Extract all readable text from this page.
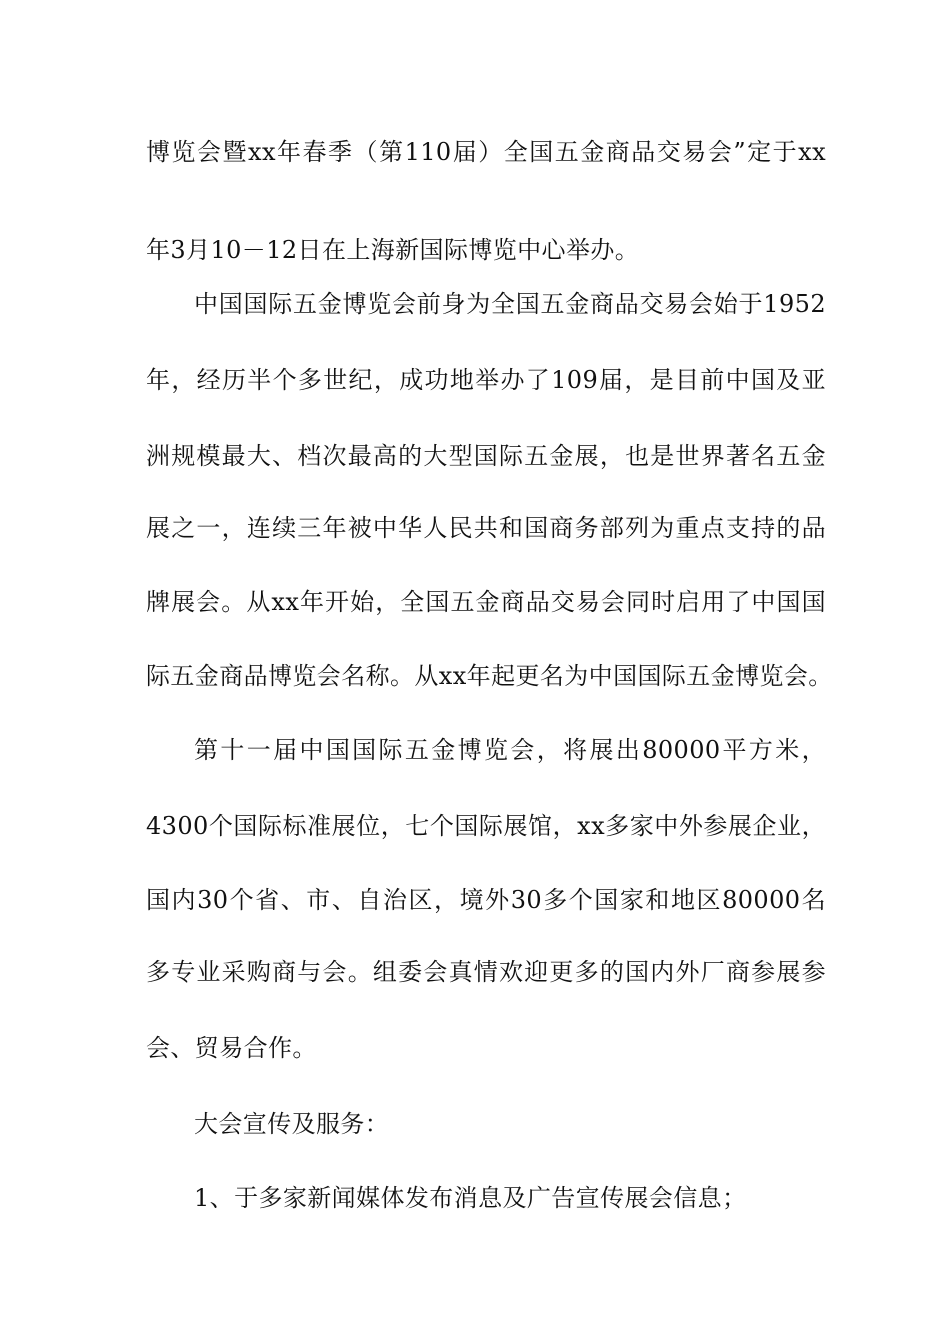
博览会暨xx年春季（第110届）全国五金商品交易会”定于xx
年3月10－12日在上海新国际博览中心举办。
中国国际五金博览会前身为全国五金商品交易会始于1952
年，经历半个多世纪，成功地举办了109届，是目前中国及亚
洲规模最大、档次最高的大型国际五金展，也是世界著名五金
展之一，连续三年被中华人民共和国商务部列为重点支持的品
牌展会。从xx年开始，全国五金商品交易会同时启用了中国国
际五金商品博览会名称。从xx年起更名为中国国际五金博览会。
第十一届中国国际五金博览会，将展出80000平方米，
4300个国际标准展位，七个国际展馆，xx多家中外参展企业，
国内30个省、市、自治区，境外30多个国家和地区80000名
多专业采购商与会。组委会真情欢迎更多的国内外厂商参展参
会、贸易合作。
大会宣传及服务：
1、于多家新闻媒体发布消息及广告宣传展会信息；
